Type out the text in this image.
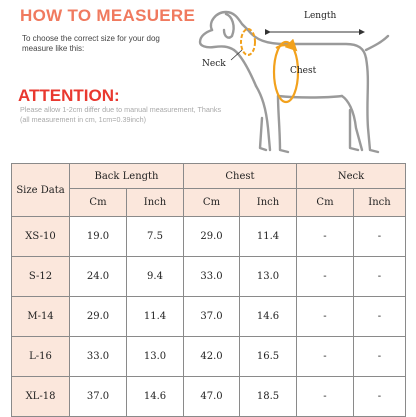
HOW TO MEASUERE
To choose the correct size for your dog measure like this:
ATTENTION:
Please allow 1-2cm differ due to manual measurement, Thanks (all measurement in cm, 1cm=0.39inch)
Length
Neck
Chest
Size Data	Back Length		Chest		Neck	
	Cm	Inch	Cm	Inch	Cm	Inch
XS-10	19.0	7.5	29.0	11.4	-	-
S-12	24.0	9.4	33.0	13.0	-	-
M-14	29.0	11.4	37.0	14.6	-	-
L-16	33.0	13.0	42.0	16.5	-	-
XL-18	37.0	14.6	47.0	18.5	-	-
